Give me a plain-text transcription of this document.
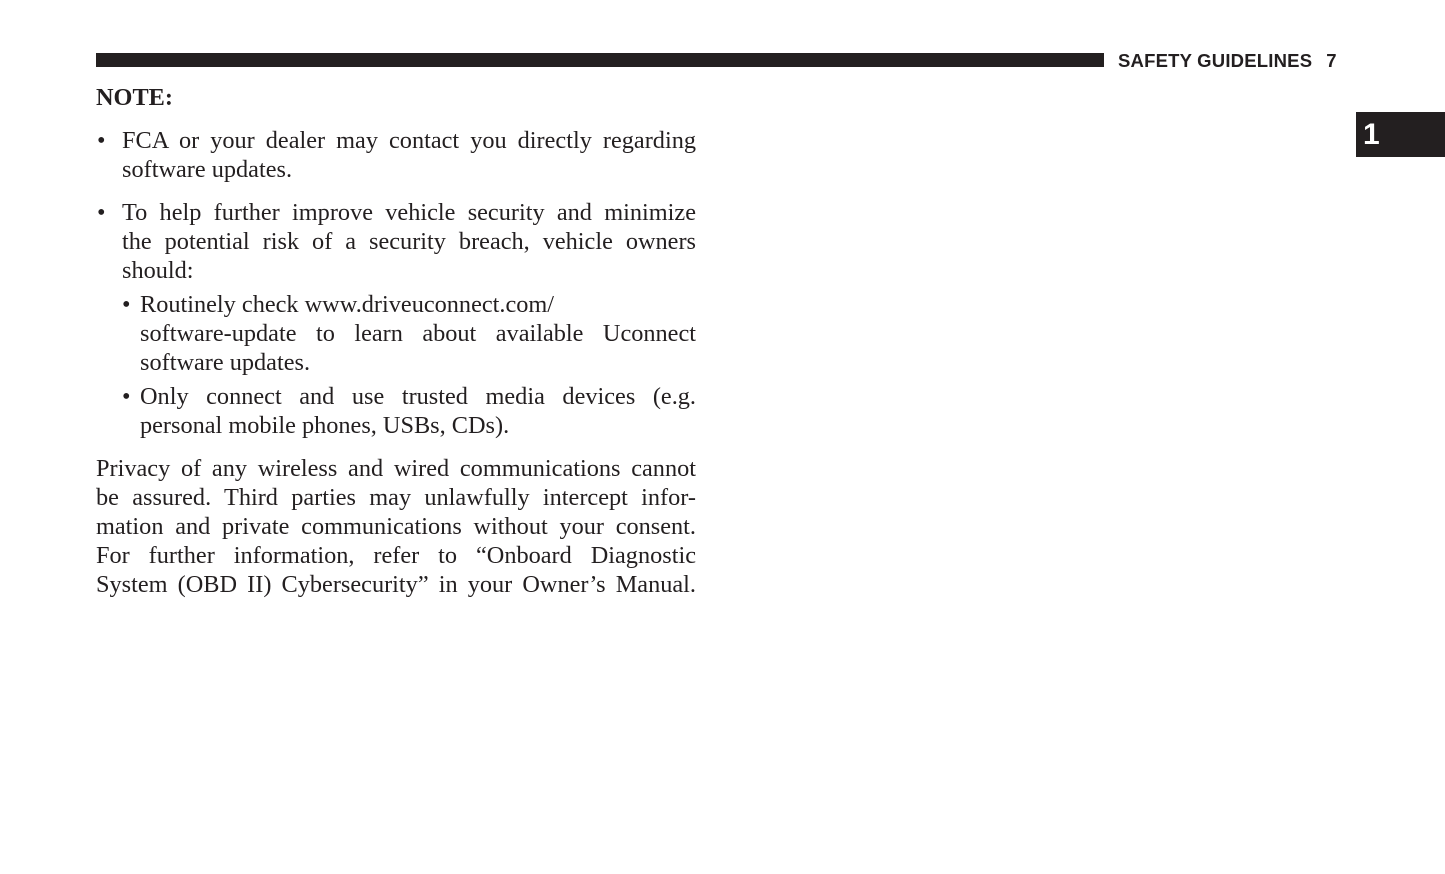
SAFETY GUIDELINES 7
1
NOTE:
• FCA or your dealer may contact you directly regarding
software updates.
• To help further improve vehicle security and minimize
the potential risk of a security breach, vehicle owners
should:
• Routinely check www.driveuconnect.com/
software-update to learn about available Uconnect
software updates.
• Only connect and use trusted media devices (e.g.
personal mobile phones, USBs, CDs).
Privacy of any wireless and wired communications cannot
be assured. Third parties may unlawfully intercept infor-
mation and private communications without your consent.
For further information, refer to “Onboard Diagnostic
System (OBD II) Cybersecurity” in your Owner’s Manual.
